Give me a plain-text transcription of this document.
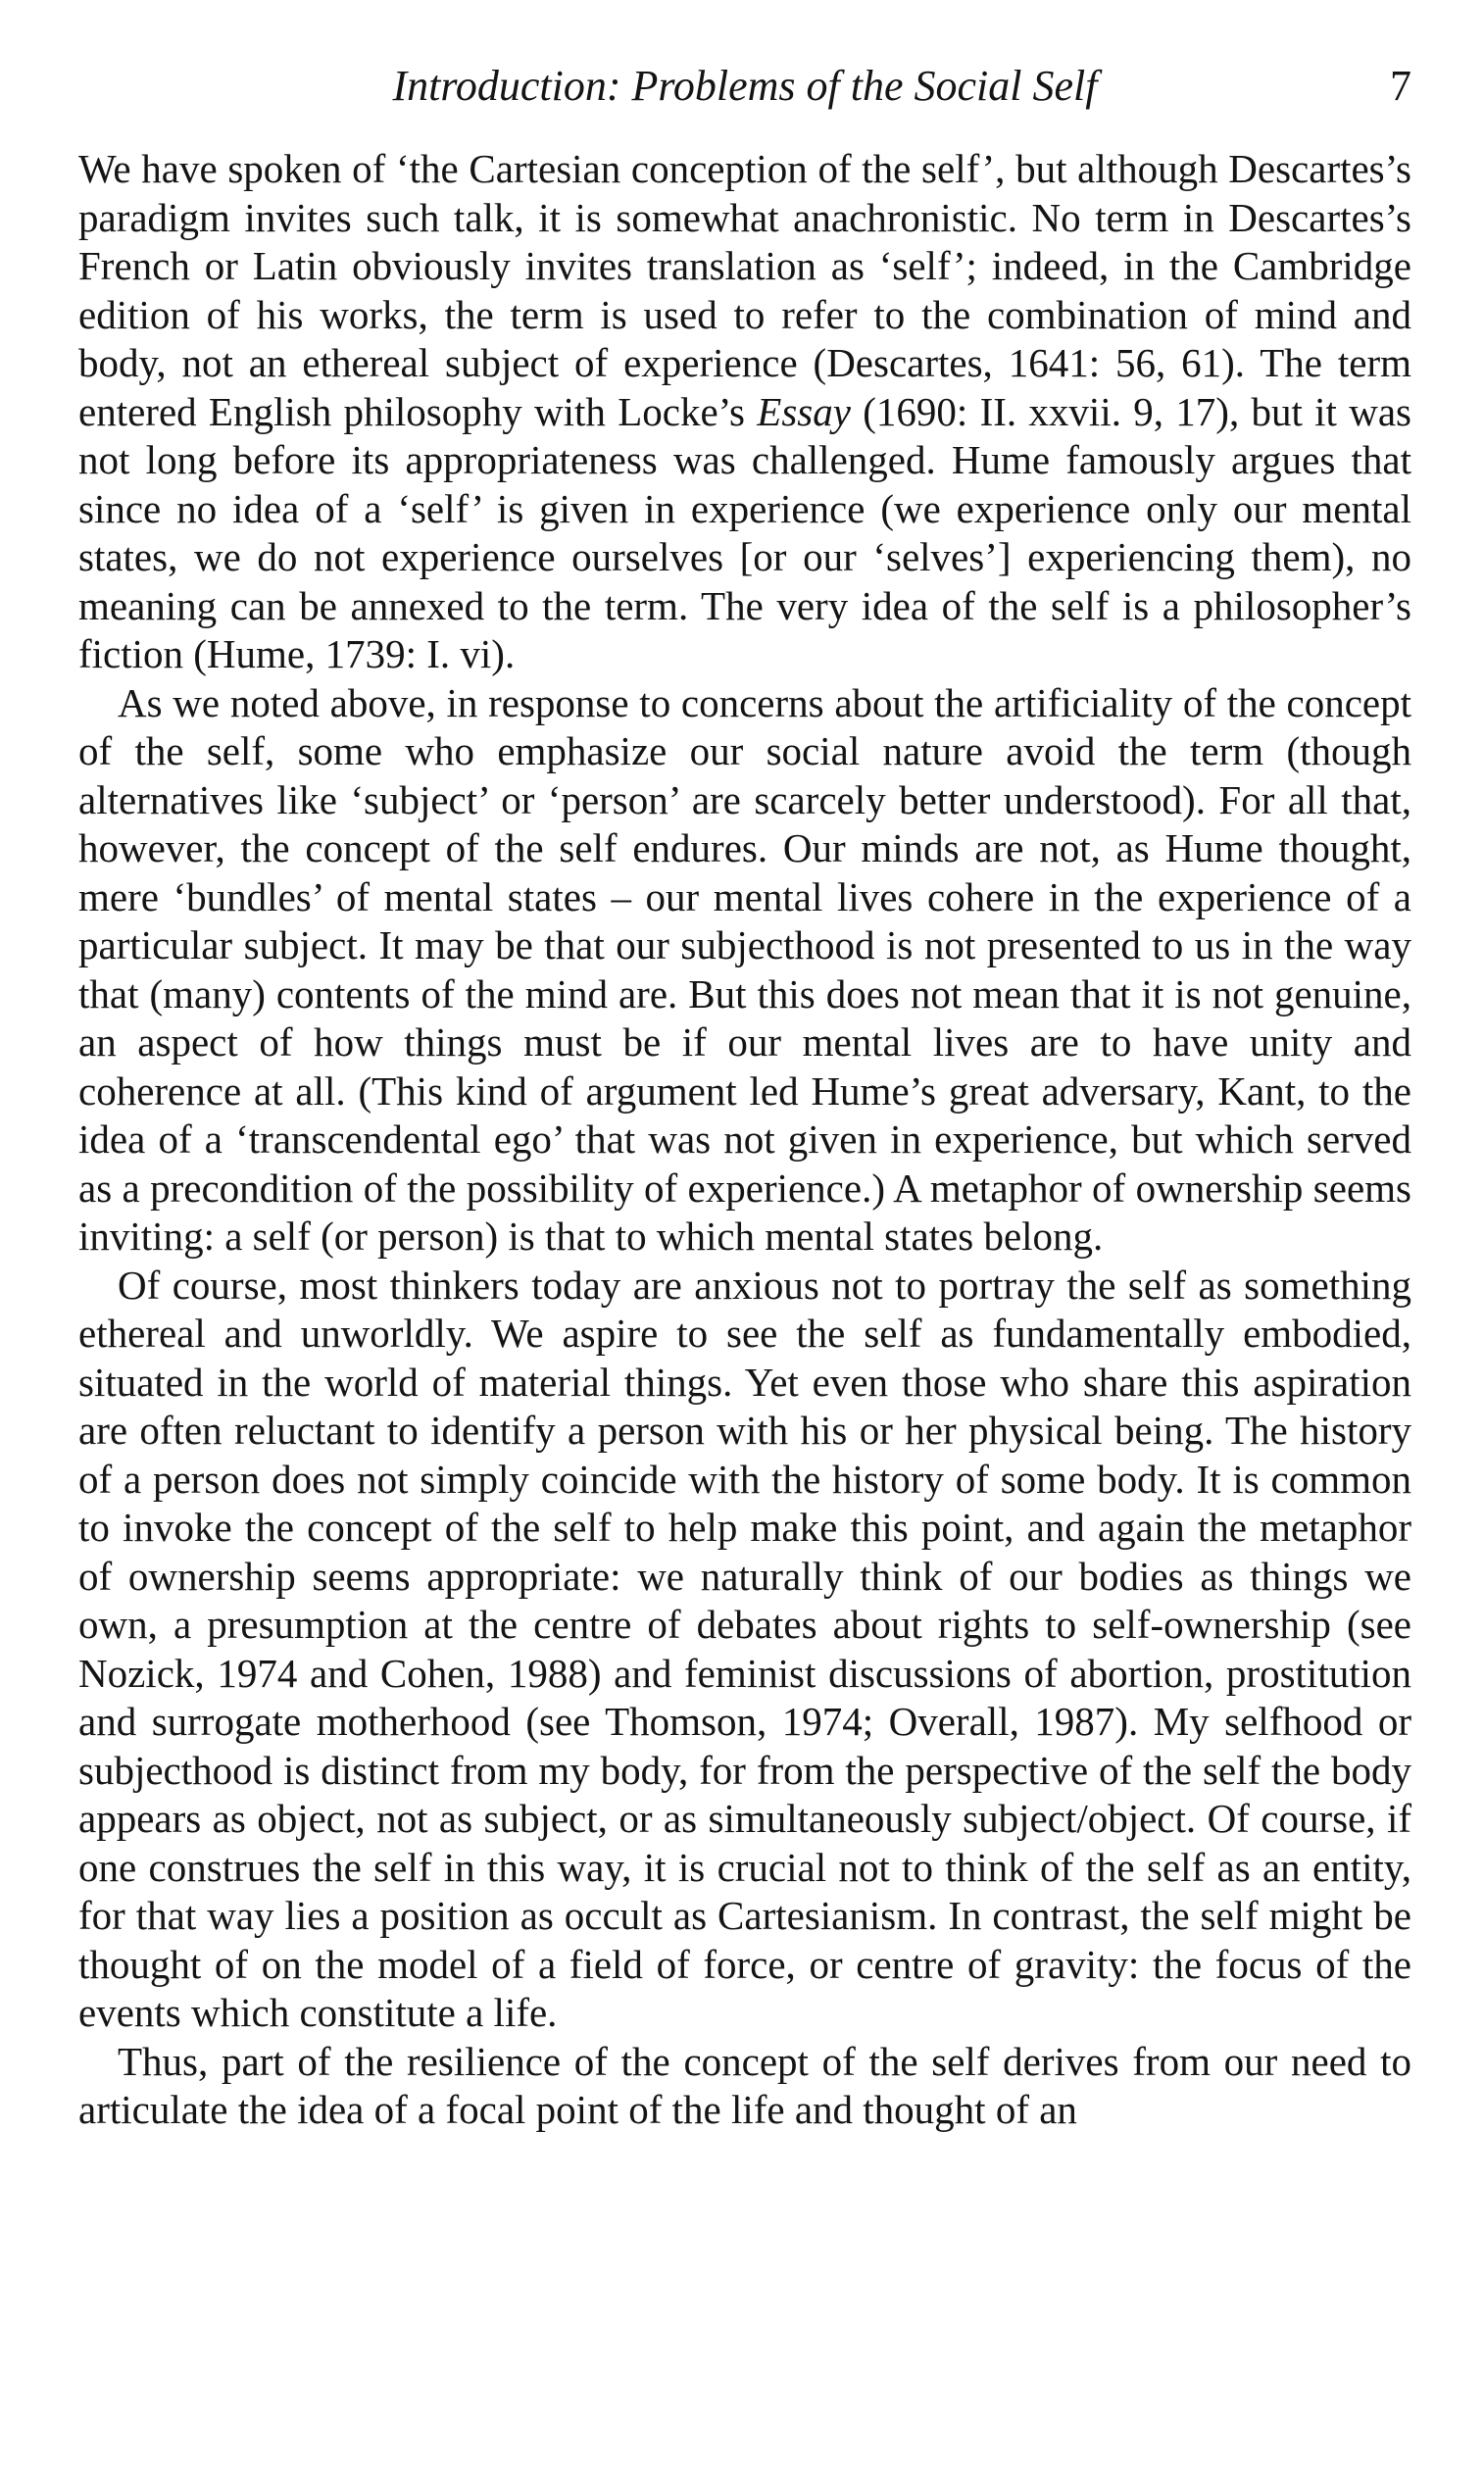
Introduction: Problems of the Social Self	7

We have spoken of ‘the Cartesian conception of the self’, but although Descartes’s paradigm invites such talk, it is somewhat anachronistic. No term in Descartes’s French or Latin obviously invites translation as ‘self’; indeed, in the Cambridge edition of his works, the term is used to refer to the combination of mind and body, not an ethereal subject of experience (Descartes, 1641: 56, 61). The term entered English philosophy with Locke’s Essay (1690: II. xxvii. 9, 17), but it was not long before its appropriateness was challenged. Hume famously argues that since no idea of a ‘self’ is given in experience (we experience only our mental states, we do not experience ourselves [or our ‘selves’] experiencing them), no meaning can be annexed to the term. The very idea of the self is a philosopher’s fiction (Hume, 1739: I. vi).

As we noted above, in response to concerns about the artificiality of the concept of the self, some who emphasize our social nature avoid the term (though alternatives like ‘subject’ or ‘person’ are scarcely better understood). For all that, however, the concept of the self endures. Our minds are not, as Hume thought, mere ‘bundles’ of mental states – our mental lives cohere in the experience of a particular subject. It may be that our subjecthood is not presented to us in the way that (many) contents of the mind are. But this does not mean that it is not genuine, an aspect of how things must be if our mental lives are to have unity and coherence at all. (This kind of argument led Hume’s great adversary, Kant, to the idea of a ‘transcendental ego’ that was not given in experience, but which served as a precondition of the possibility of experience.) A metaphor of ownership seems inviting: a self (or person) is that to which mental states belong.

Of course, most thinkers today are anxious not to portray the self as something ethereal and unworldly. We aspire to see the self as fundamentally embodied, situated in the world of material things. Yet even those who share this aspiration are often reluctant to identify a person with his or her physical being. The history of a person does not simply coincide with the history of some body. It is common to invoke the concept of the self to help make this point, and again the metaphor of ownership seems appropriate: we naturally think of our bodies as things we own, a presumption at the centre of debates about rights to self-ownership (see Nozick, 1974 and Cohen, 1988) and feminist discussions of abortion, prostitution and surrogate motherhood (see Thomson, 1974; Overall, 1987). My selfhood or subjecthood is distinct from my body, for from the perspective of the self the body appears as object, not as subject, or as simultaneously subject/object. Of course, if one construes the self in this way, it is crucial not to think of the self as an entity, for that way lies a position as occult as Cartesianism. In contrast, the self might be thought of on the model of a field of force, or centre of gravity: the focus of the events which constitute a life.

Thus, part of the resilience of the concept of the self derives from our need to articulate the idea of a focal point of the life and thought of an
